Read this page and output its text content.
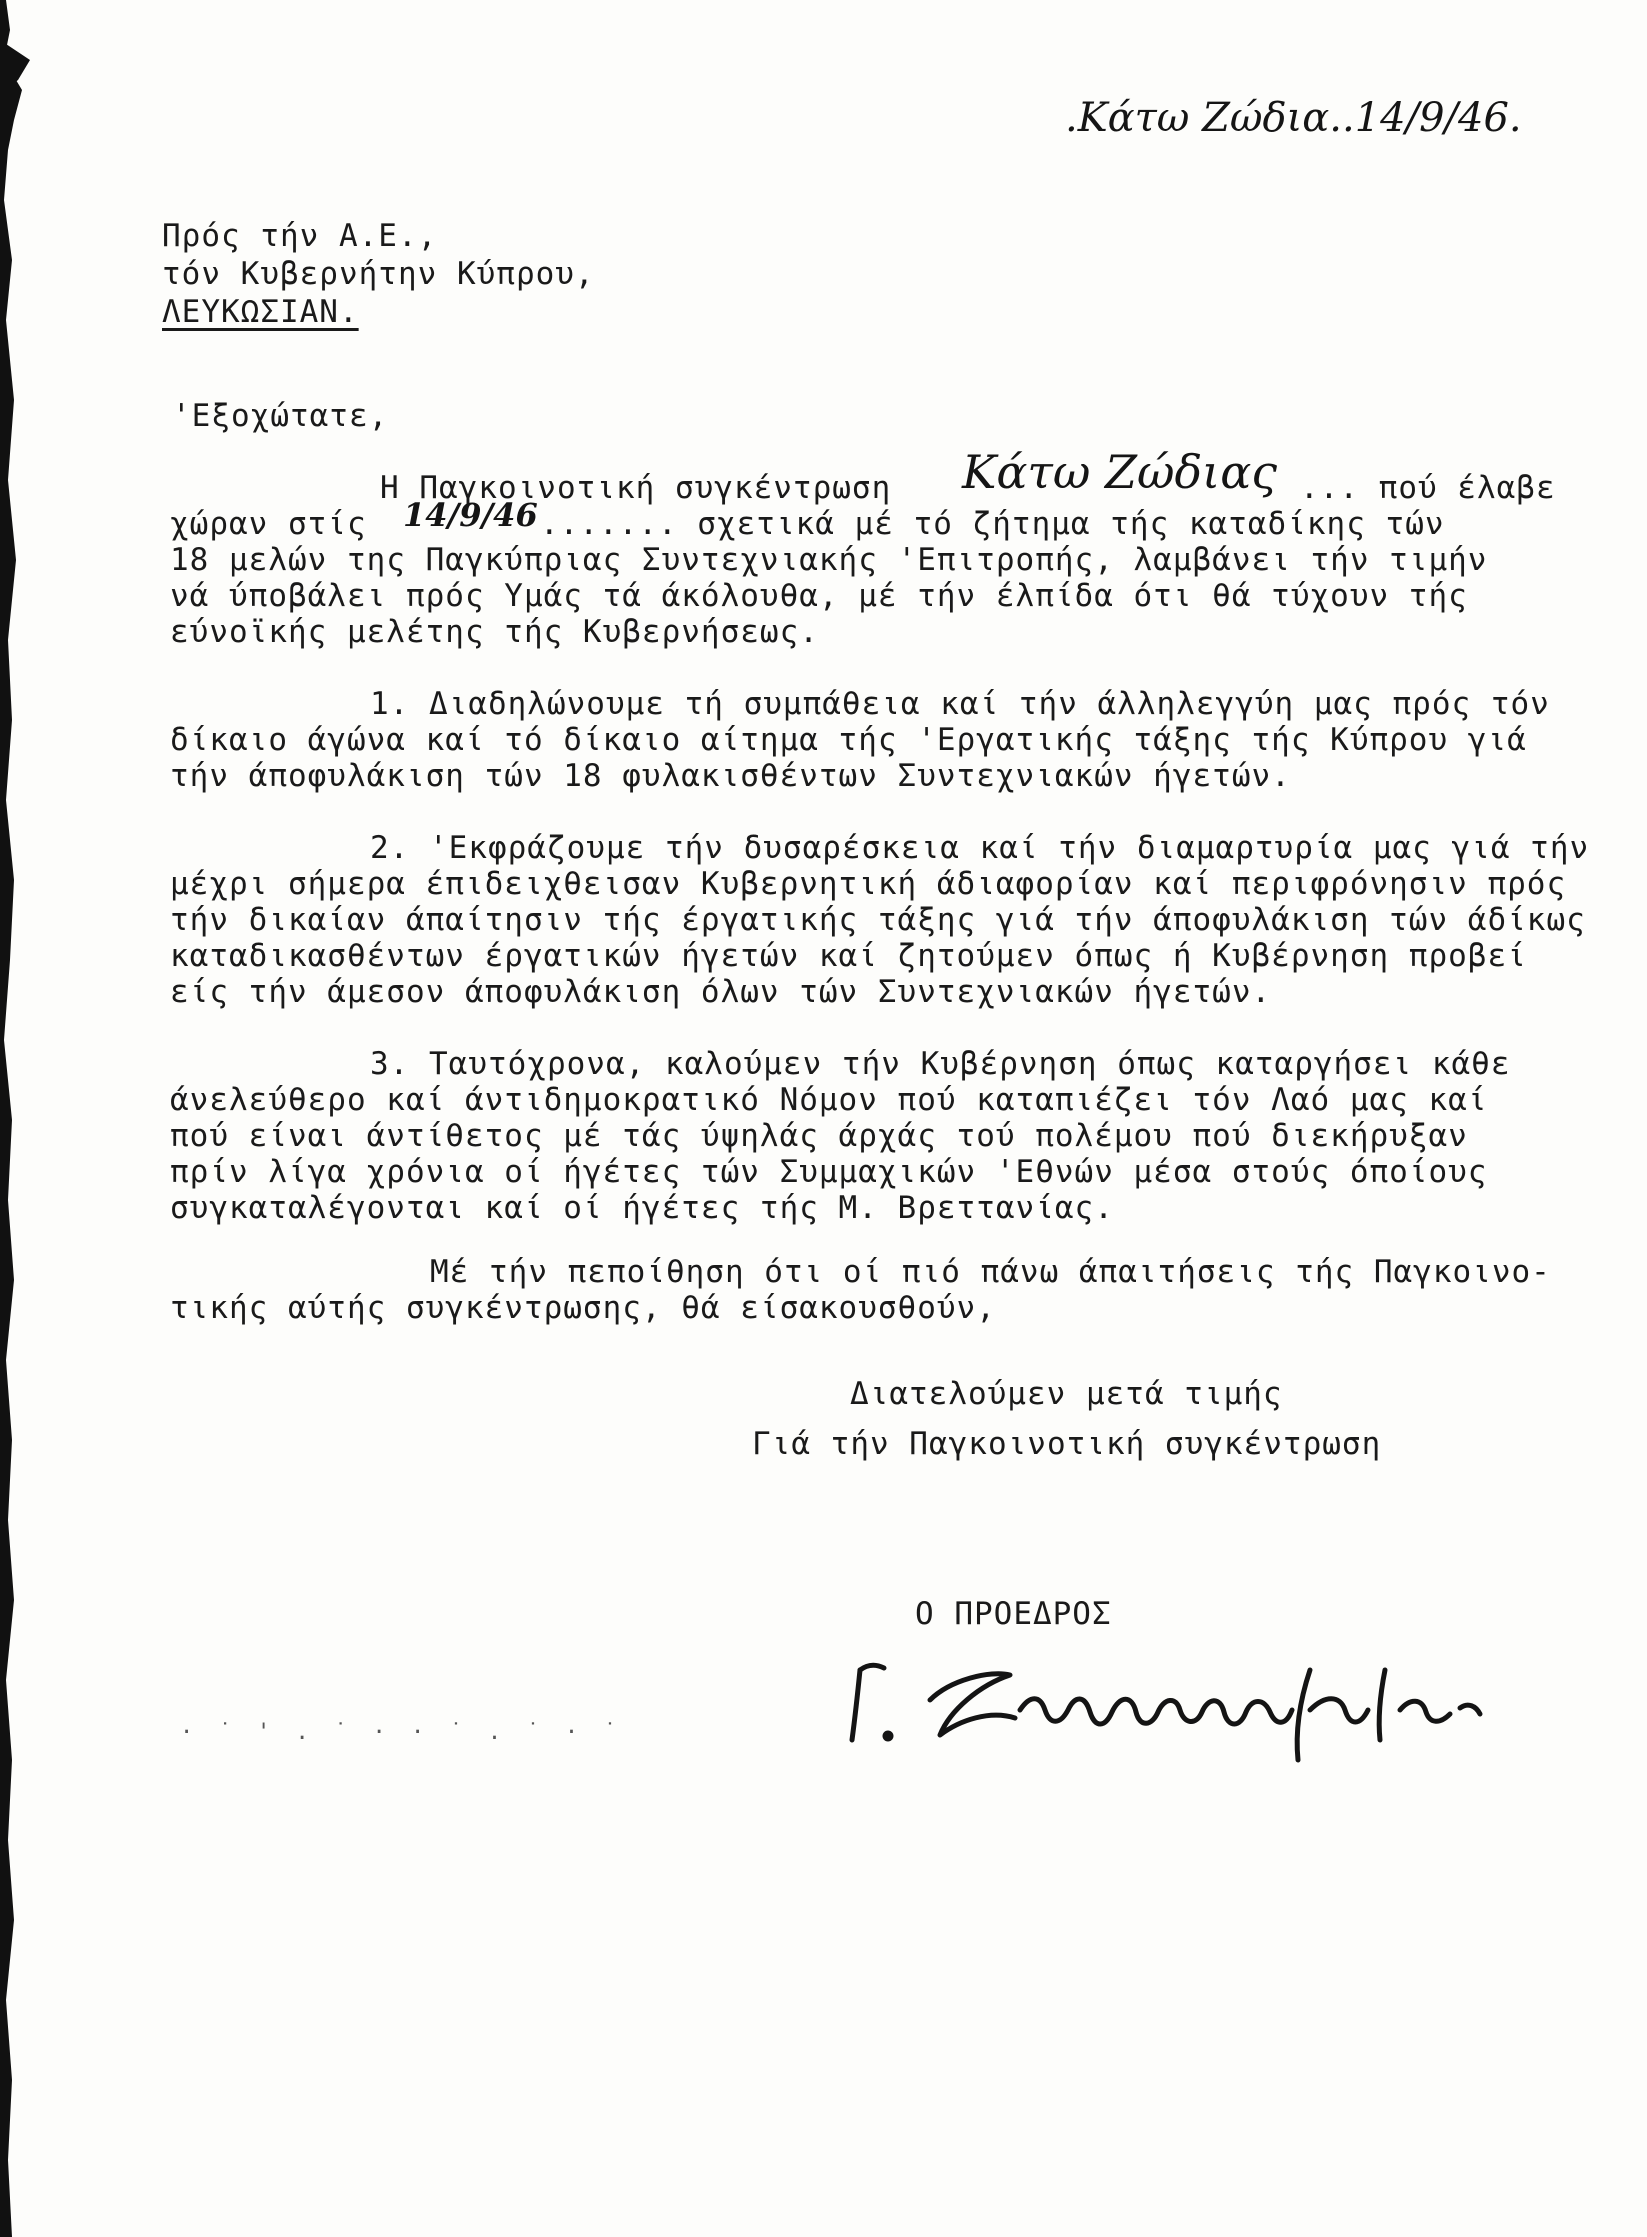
.Κάτω Ζώδια..14/9/46.
Πρός τήν Α.Ε.,
τόν Κυβερνήτην Κύπρου,
ΛΕΥΚΩΣΙΑΝ.
'Εξοχώτατε,
Η Παγκοινοτική συγκέντρωση Κάτω Ζώδιας ... πού έλαβε
χώραν στίς 14/9/46 ....... σχετικά μέ τό ζήτημα τής καταδίκης τών
18 μελών της Παγκύπριας Συντεχνιακής 'Επιτροπής, λαμβάνει τήν τιμήν
νά ύποβάλει πρός Υμάς τά άκόλουθα, μέ τήν έλπίδα ότι θά τύχουν τής
εύνοϊκής μελέτης τής Κυβερνήσεως.
1. Διαδηλώνουμε τή συμπάθεια καί τήν άλληλεγγύη μας πρός τόν
δίκαιο άγώνα καί τό δίκαιο αίτημα τής 'Εργατικής τάξης τής Κύπρου γιά
τήν άποφυλάκιση τών 18 φυλακισθέντων Συντεχνιακών ήγετών.
2. 'Εκφράζουμε τήν δυσαρέσκεια καί τήν διαμαρτυρία μας γιά τήν
μέχρι σήμερα έπιδειχθεισαν Κυβερνητική άδιαφορίαν καί περιφρόνησιν πρός
τήν δικαίαν άπαίτησιν τής έργατικής τάξης γιά τήν άποφυλάκιση τών άδίκως
καταδικασθέντων έργατικών ήγετών καί ζητούμεν όπως ή Κυβέρνηση προβεί
είς τήν άμεσον άποφυλάκιση όλων τών Συντεχνιακών ήγετών.
3. Ταυτόχρονα, καλούμεν τήν Κυβέρνηση όπως καταργήσει κάθε
άνελεύθερο καί άντιδημοκρατικό Νόμον πού καταπιέζει τόν Λαό μας καί
πού είναι άντίθετος μέ τάς ύψηλάς άρχάς τού πολέμου πού διεκήρυξαν
πρίν λίγα χρόνια οί ήγέτες τών Συμμαχικών 'Εθνών μέσα στούς όποίους
συγκαταλέγονται καί οί ήγέτες τής Μ. Βρεττανίας.
Μέ τήν πεποίθηση ότι οί πιό πάνω άπαιτήσεις τής Παγκοινο-
τικής αύτής συγκέντρωσης, θά είσακουσθούν,
Διατελούμεν μετά τιμής
Γιά τήν Παγκοινοτική συγκέντρωση
Ο ΠΡΟΕΔΡΟΣ
· ˙ ' . ˙ · · ˙ . ˙ · ˙
